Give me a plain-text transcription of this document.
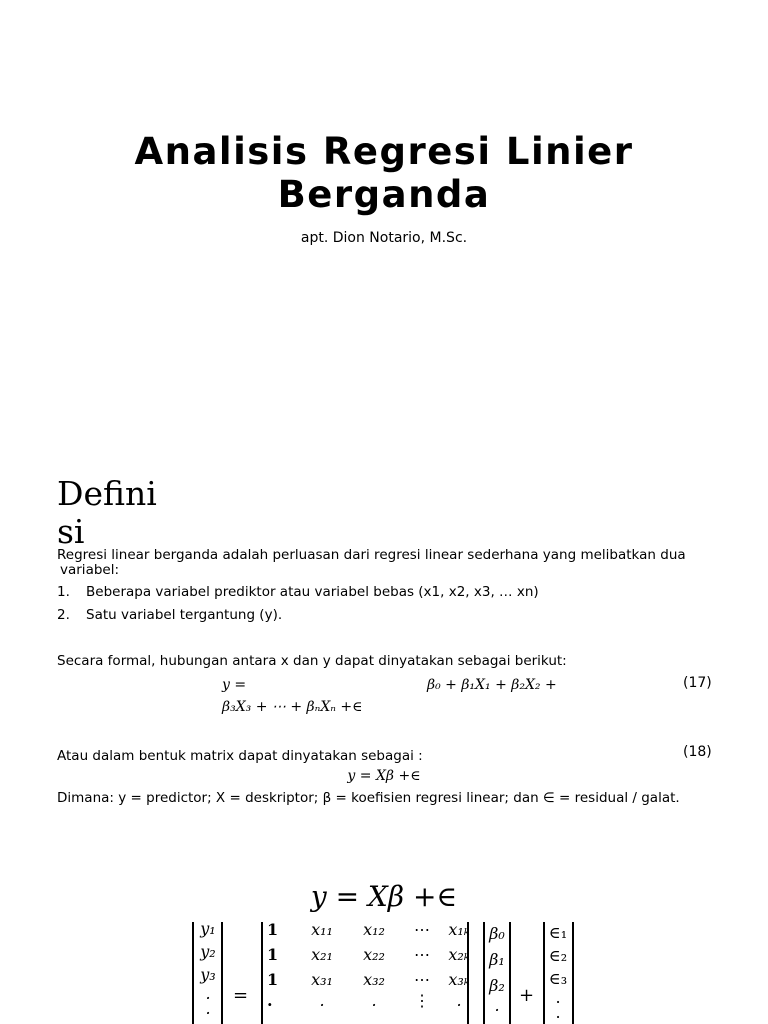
Analisis Regresi Linier
Berganda
apt. Dion Notario, M.Sc.
Definisi
Regresi linear berganda adalah perluasan dari regresi linear sederhana yang melibatkan dua
variabel:
1. Beberapa variabel prediktor atau variabel bebas (x1, x2, x3, … xn)
2. Satu variabel tergantung (y).
Secara formal, hubungan antara x dan y dapat dinyatakan sebagai berikut:
y =	β₀ + β₁X₁ + β₂X₂ +
β₃X₃ + ⋯ + βₙXₙ +∈
(17)
Atau dalam bentuk matrix dapat dinyatakan sebagai :	(18)
y = Xβ +∈
Dimana: y = predictor; X = deskriptor; β = koefisien regresi linear; dan ∈ = residual / galat.
y = Xβ +∈
y₁
y₂
y₃
.
.
=
1	x₁₁	x₁₂	⋯	x₁ₖ
1	x₂₁	x₂₂	⋯	x₂ₖ
1	x₃₁	x₃₂	⋯	x₃ₖ
.	.	.	⋮	.
β₀
β₁
β₂
.	+
∈₁
∈₂
∈₃
.
.
